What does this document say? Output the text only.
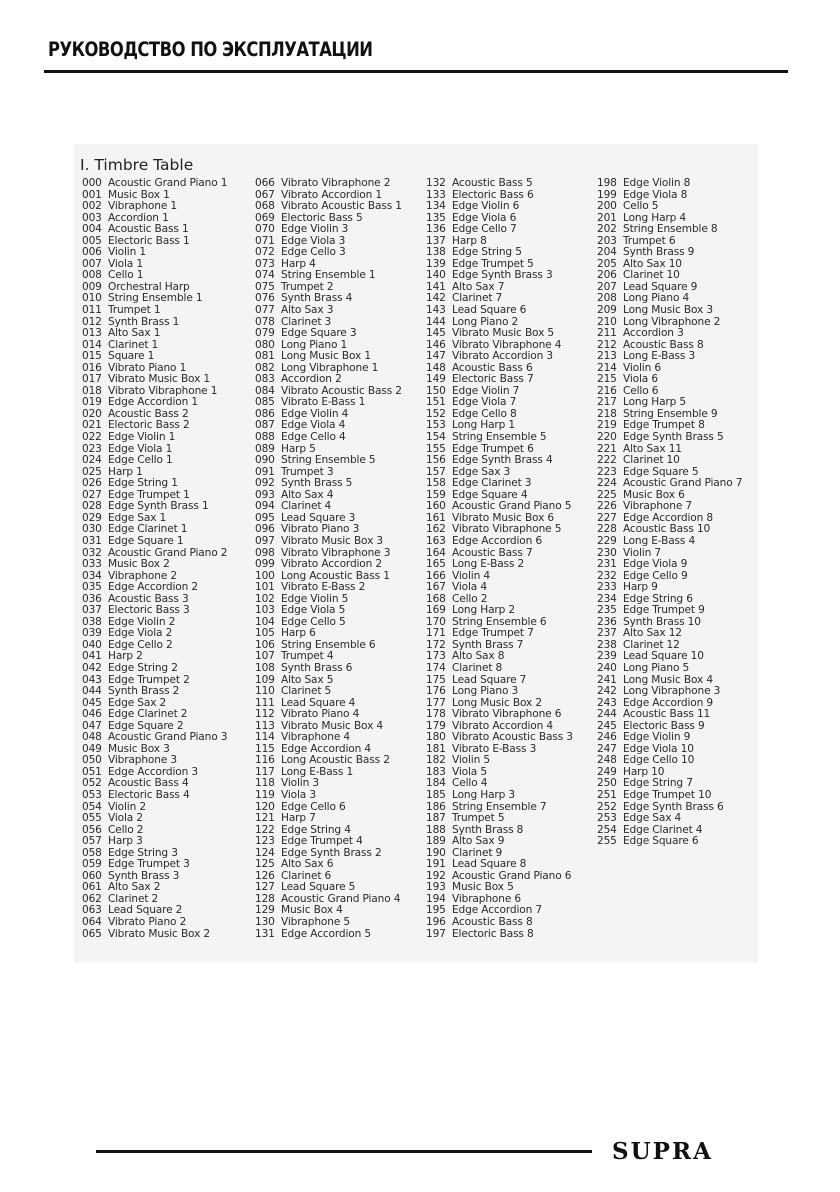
РУКОВОДСТВО ПО ЭКСПЛУАТАЦИИ
I. Timbre Table
000 Acoustic Grand Piano 1
001 Music Box 1
002 Vibraphone 1
003 Accordion 1
004 Acoustic Bass 1
005 Electoric Bass 1
006 Violin 1
007 Viola 1
008 Cello 1
009 Orchestral Harp
010 String Ensemble 1
011 Trumpet 1
012 Synth Brass 1
013 Alto Sax 1
014 Clarinet 1
015 Square 1
016 Vibrato Piano 1
017 Vibrato Music Box 1
018 Vibrato Vibraphone 1
019 Edge Accordion 1
020 Acoustic Bass 2
021 Electoric Bass 2
022 Edge Violin 1
023 Edge Viola 1
024 Edge Cello 1
025 Harp 1
026 Edge String 1
027 Edge Trumpet 1
028 Edge Synth Brass 1
029 Edge Sax 1
030 Edge Clarinet 1
031 Edge Square 1
032 Acoustic Grand Piano 2
033 Music Box 2
034 Vibraphone 2
035 Edge Accordion 2
036 Acoustic Bass 3
037 Electoric Bass 3
038 Edge Violin 2
039 Edge Viola 2
040 Edge Cello 2
041 Harp 2
042 Edge String 2
043 Edge Trumpet 2
044 Synth Brass 2
045 Edge Sax 2
046 Edge Clarinet 2
047 Edge Square 2
048 Acoustic Grand Piano 3
049 Music Box 3
050 Vibraphone 3
051 Edge Accordion 3
052 Acoustic Bass 4
053 Electoric Bass 4
054 Violin 2
055 Viola 2
056 Cello 2
057 Harp 3
058 Edge String 3
059 Edge Trumpet 3
060 Synth Brass 3
061 Alto Sax 2
062 Clarinet 2
063 Lead Square 2
064 Vibrato Piano 2
065 Vibrato Music Box 2
066 Vibrato Vibraphone 2
067 Vibrato Accordion 1
068 Vibrato Acoustic Bass 1
069 Electoric Bass 5
070 Edge Violin 3
071 Edge Viola 3
072 Edge Cello 3
073 Harp 4
074 String Ensemble 1
075 Trumpet 2
076 Synth Brass 4
077 Alto Sax 3
078 Clarinet 3
079 Edge Square 3
080 Long Piano 1
081 Long Music Box 1
082 Long Vibraphone 1
083 Accordion 2
084 Vibrato Acoustic Bass 2
085 Vibrato E-Bass 1
086 Edge Violin 4
087 Edge Viola 4
088 Edge Cello 4
089 Harp 5
090 String Ensemble 5
091 Trumpet 3
092 Synth Brass 5
093 Alto Sax 4
094 Clarinet 4
095 Lead Square 3
096 Vibrato Piano 3
097 Vibrato Music Box 3
098 Vibrato Vibraphone 3
099 Vibrato Accordion 2
100 Long Acoustic Bass 1
101 Vibrato E-Bass 2
102 Edge Violin 5
103 Edge Viola 5
104 Edge Cello 5
105 Harp 6
106 String Ensemble 6
107 Trumpet 4
108 Synth Brass 6
109 Alto Sax 5
110 Clarinet 5
111 Lead Square 4
112 Vibrato Piano 4
113 Vibrato Music Box 4
114 Vibraphone 4
115 Edge Accordion 4
116 Long Acoustic Bass 2
117 Long E-Bass 1
118 Violin 3
119 Viola 3
120 Edge Cello 6
121 Harp 7
122 Edge String 4
123 Edge Trumpet 4
124 Edge Synth Brass 2
125 Alto Sax 6
126 Clarinet 6
127 Lead Square 5
128 Acoustic Grand Piano 4
129 Music Box 4
130 Vibraphone 5
131 Edge Accordion 5
132 Acoustic Bass 5
133 Electoric Bass 6
134 Edge Violin 6
135 Edge Viola 6
136 Edge Cello 7
137 Harp 8
138 Edge String 5
139 Edge Trumpet 5
140 Edge Synth Brass 3
141 Alto Sax 7
142 Clarinet 7
143 Lead Square 6
144 Long Piano 2
145 Vibrato Music Box 5
146 Vibrato Vibraphone 4
147 Vibrato Accordion 3
148 Acoustic Bass 6
149 Electoric Bass 7
150 Edge Violin 7
151 Edge Viola 7
152 Edge Cello 8
153 Long Harp 1
154 String Ensemble 5
155 Edge Trumpet 6
156 Edge Synth Brass 4
157 Edge Sax 3
158 Edge Clarinet 3
159 Edge Square 4
160 Acoustic Grand Piano 5
161 Vibrato Music Box 6
162 Vibrato Vibraphone 5
163 Edge Accordion 6
164 Acoustic Bass 7
165 Long E-Bass 2
166 Violin 4
167 Viola 4
168 Cello 2
169 Long Harp 2
170 String Ensemble 6
171 Edge Trumpet 7
172 Synth Brass 7
173 Alto Sax 8
174 Clarinet 8
175 Lead Square 7
176 Long Piano 3
177 Long Music Box 2
178 Vibrato Vibraphone 6
179 Vibrato Accordion 4
180 Vibrato Acoustic Bass 3
181 Vibrato E-Bass 3
182 Violin 5
183 Viola 5
184 Cello 4
185 Long Harp 3
186 String Ensemble 7
187 Trumpet 5
188 Synth Brass 8
189 Alto Sax 9
190 Clarinet 9
191 Lead Square 8
192 Acoustic Grand Piano 6
193 Music Box 5
194 Vibraphone 6
195 Edge Accordion 7
196 Acoustic Bass 8
197 Electoric Bass 8
198 Edge Violin 8
199 Edge Viola 8
200 Cello 5
201 Long Harp 4
202 String Ensemble 8
203 Trumpet 6
204 Synth Brass 9
205 Alto Sax 10
206 Clarinet 10
207 Lead Square 9
208 Long Piano 4
209 Long Music Box 3
210 Long Vibraphone 2
211 Accordion 3
212 Acoustic Bass 8
213 Long E-Bass 3
214 Violin 6
215 Viola 6
216 Cello 6
217 Long Harp 5
218 String Ensemble 9
219 Edge Trumpet 8
220 Edge Synth Brass 5
221 Alto Sax 11
222 Clarinet 10
223 Edge Square 5
224 Acoustic Grand Piano 7
225 Music Box 6
226 Vibraphone 7
227 Edge Accordion 8
228 Acoustic Bass 10
229 Long E-Bass 4
230 Violin 7
231 Edge Viola 9
232 Edge Cello 9
233 Harp 9
234 Edge String 6
235 Edge Trumpet 9
236 Synth Brass 10
237 Alto Sax 12
238 Clarinet 12
239 Lead Square 10
240 Long Piano 5
241 Long Music Box 4
242 Long Vibraphone 3
243 Edge Accordion 9
244 Acoustic Bass 11
245 Electoric Bass 9
246 Edge Violin 9
247 Edge Viola 10
248 Edge Cello 10
249 Harp 10
250 Edge String 7
251 Edge Trumpet 10
252 Edge Synth Brass 6
253 Edge Sax 4
254 Edge Clarinet 4
255 Edge Square 6
SUPRA
